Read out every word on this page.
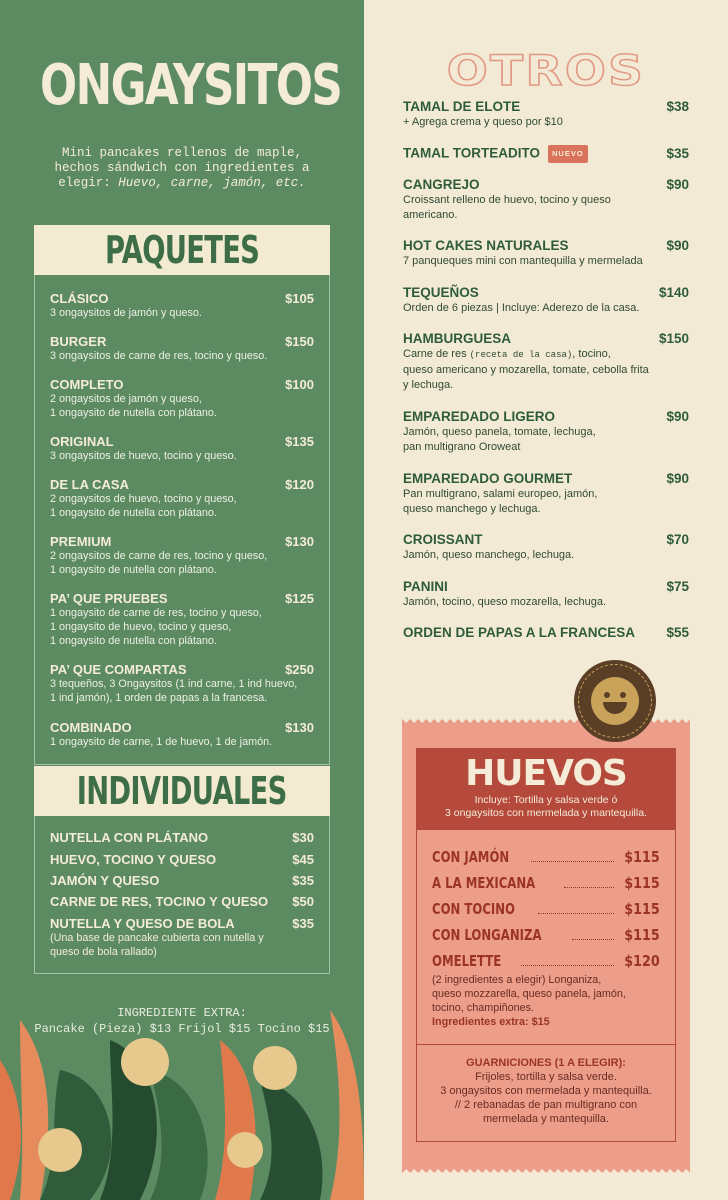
ONGAYSITOS
Mini pancakes rellenos de maple,
hechos sándwich con ingredientes a
elegir: Huevo, carne, jamón, etc.
PAQUETES
CLÁSICO	$105
3 ongaysitos de jamón y queso.
BURGER	$150
3 ongaysitos de carne de res, tocino y queso.
COMPLETO	$100
2 ongaysitos de jamón y queso,
1 ongaysito de nutella con plátano.
ORIGINAL	$135
3 ongaysitos de huevo, tocino y queso.
DE LA CASA	$120
2 ongaysitos de huevo, tocino y queso,
1 ongaysito de nutella con plátano.
PREMIUM	$130
2 ongaysitos de carne de res, tocino y queso,
1 ongaysito de nutella con plátano.
PA’ QUE PRUEBES	$125
1 ongaysito de carne de res, tocino y queso,
1 ongaysito de huevo, tocino y queso,
1 ongaysito de nutella con plátano.
PA’ QUE COMPARTAS	$250
3 tequeños, 3 Ongaysitos (1 ind carne, 1 ind huevo,
1 ind jamón), 1 orden de papas a la francesa.
COMBINADO	$130
1 ongaysito de carne, 1 de huevo, 1 de jamón.
INDIVIDUALES
NUTELLA CON PLÁTANO	$30
HUEVO, TOCINO Y QUESO	$45
JAMÓN Y QUESO	$35
CARNE DE RES, TOCINO Y QUESO $50
NUTELLA Y QUESO DE BOLA	$35
(Una base de pancake cubierta con nutella y
queso de bola rallado)
INGREDIENTE EXTRA:
Pancake (Pieza) $13 Frijol $15 Tocino $15
OTROS
TAMAL DE ELOTE	$38
+ Agrega crema y queso por $10
TAMAL TORTEADITO NUEVO	$35
CANGREJO	$90
Croissant relleno de huevo, tocino y queso
americano.
HOT CAKES NATURALES	$90
7 panqueques mini con mantequilla y mermelada
TEQUEÑOS	$140
Orden de 6 piezas | Incluye: Aderezo de la casa.
HAMBURGUESA	$150
Carne de res (receta de la casa), tocino,
queso americano y mozarella, tomate, cebolla frita
y lechuga.
EMPAREDADO LIGERO	$90
Jamón, queso panela, tomate, lechuga,
pan multigrano Oroweat
EMPAREDADO GOURMET	$90
Pan multigrano, salami europeo, jamón,
queso manchego y lechuga.
CROISSANT	$70
Jamón, queso manchego, lechuga.
PANINI	$75
Jamón, tocino, queso mozarella, lechuga.
ORDEN DE PAPAS A LA FRANCESA $55
HUEVOS
Incluye: Tortilla y salsa verde ó
3 ongaysitos con mermelada y mantequilla.
CON JAMÓN	$115
A LA MEXICANA	$115
CON TOCINO	$115
CON LONGANIZA	$115
OMELETTE	$120
(2 ingredientes a elegir) Longaniza,
queso mozzarella, queso panela, jamón,
tocino, champiñones.
Ingredientes extra: $15
GUARNICIONES (1 A ELEGIR):
Frijoles, tortilla y salsa verde.
3 ongaysitos con mermelada y mantequilla.
// 2 rebanadas de pan multigrano con
mermelada y mantequilla.
